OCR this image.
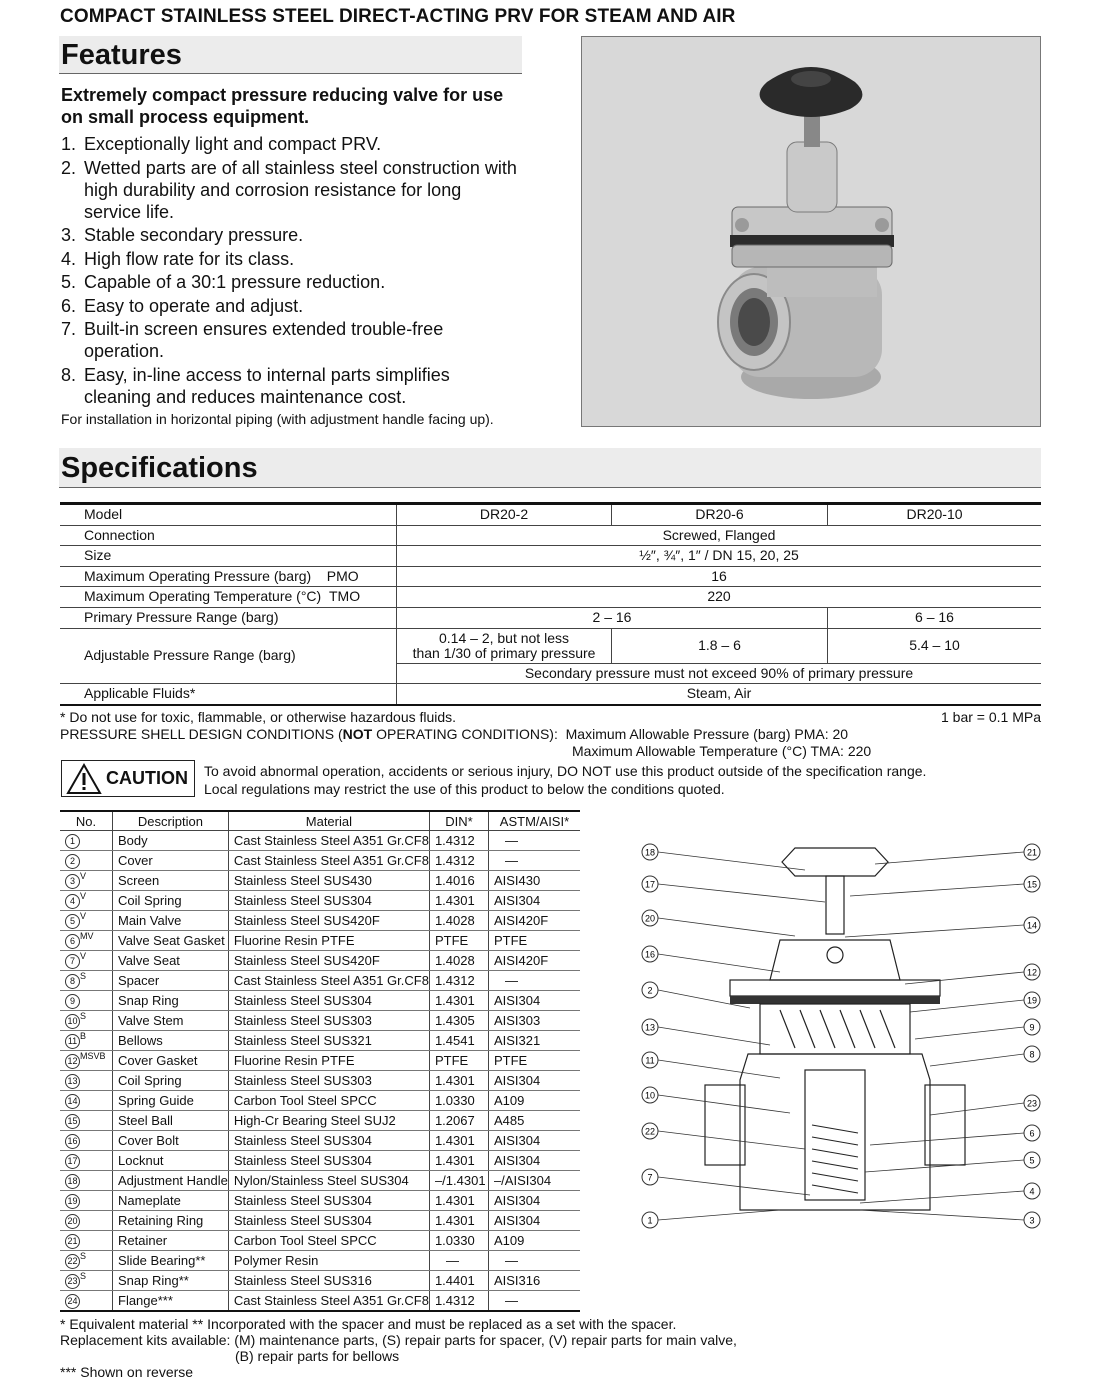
COMPACT STAINLESS STEEL DIRECT-ACTING PRV FOR STEAM AND AIR
Features
Extremely compact pressure reducing valve for use on small process equipment.
1. Exceptionally light and compact PRV.
2. Wetted parts are of all stainless steel construction with high durability and corrosion resistance for long service life.
3. Stable secondary pressure.
4. High flow rate for its class.
5. Capable of a 30:1 pressure reduction.
6. Easy to operate and adjust.
7. Built-in screen ensures extended trouble-free operation.
8. Easy, in-line access to internal parts simplifies cleaning and reduces maintenance cost.
For installation in horizontal piping (with adjustment handle facing up).
Specifications
Model	DR20-2	DR20-6	DR20-10
Connection	Screwed, Flanged		
Size	½″, ¾″, 1″ / DN 15, 20, 25		
Maximum Operating Pressure (barg) PMO	16		
Maximum Operating Temperature (°C) TMO	220		
Primary Pressure Range (barg)	2 – 16		6 – 16
Adjustable Pressure Range (barg)	0.14 – 2, but not less
than 1/30 of primary pressure	1.8 – 6	5.4 – 10
	Secondary pressure must not exceed 90% of primary pressure		
Applicable Fluids*	Steam, Air		
* Do not use for toxic, flammable, or otherwise hazardous fluids.	1 bar = 0.1 MPa
PRESSURE SHELL DESIGN CONDITIONS (NOT OPERATING CONDITIONS): Maximum Allowable Pressure (barg) PMA: 20
Maximum Allowable Temperature (°C) TMA: 220
CAUTION To avoid abnormal operation, accidents or serious injury, DO NOT use this product outside of the specification range.
Local regulations may restrict the use of this product to below the conditions quoted.
No.	Description	Material	DIN*	ASTM/AISI*
1	Body	Cast Stainless Steel A351 Gr.CF8	1.4312	—
2	Cover	Cast Stainless Steel A351 Gr.CF8	1.4312	—
$3^V$	Screen	Stainless Steel SUS430	1.4016	AISI430
$4^V$	Coil Spring	Stainless Steel SUS304	1.4301	AISI304
$5^V$	Main Valve	Stainless Steel SUS420F	1.4028	AISI420F
$6^{MV}$	Valve Seat Gasket	Fluorine Resin PTFE	PTFE	PTFE
$7^V$	Valve Seat	Stainless Steel SUS420F	1.4028	AISI420F
$8^S$	Spacer	Cast Stainless Steel A351 Gr.CF8	1.4312	—
9	Snap Ring	Stainless Steel SUS304	1.4301	AISI304
$10^S$	Valve Stem	Stainless Steel SUS303	1.4305	AISI303
$11^B$	Bellows	Stainless Steel SUS321	1.4541	AISI321
$12^{MSVB}$	Cover Gasket	Fluorine Resin PTFE	PTFE	PTFE
13	Coil Spring	Stainless Steel SUS303	1.4301	AISI304
14	Spring Guide	Carbon Tool Steel SPCC	1.0330	A109
15	Steel Ball	High-Cr Bearing Steel SUJ2	1.2067	A485
16	Cover Bolt	Stainless Steel SUS304	1.4301	AISI304
17	Locknut	Stainless Steel SUS304	1.4301	AISI304
18	Adjustment Handle	Nylon/Stainless Steel SUS304	–/1.4301	–/AISI304
19	Nameplate	Stainless Steel SUS304	1.4301	AISI304
20	Retaining Ring	Stainless Steel SUS304	1.4301	AISI304
21	Retainer	Carbon Tool Steel SPCC	1.0330	A109
$22^S$	Slide Bearing**	Polymer Resin	—	—
$23^S$	Snap Ring**	Stainless Steel SUS316	1.4401	AISI316
24	Flange***	Cast Stainless Steel A351 Gr.CF8	1.4312	—
18
17
20
16
2
13
11
10
22
7
1
21
15
14
12
19
9
8
23
6
5
4
3
* Equivalent material ** Incorporated with the spacer and must be replaced as a set with the spacer.
Replacement kits available: (M) maintenance parts, (S) repair parts for spacer, (V) repair parts for main valve,
(B) repair parts for bellows
*** Shown on reverse
